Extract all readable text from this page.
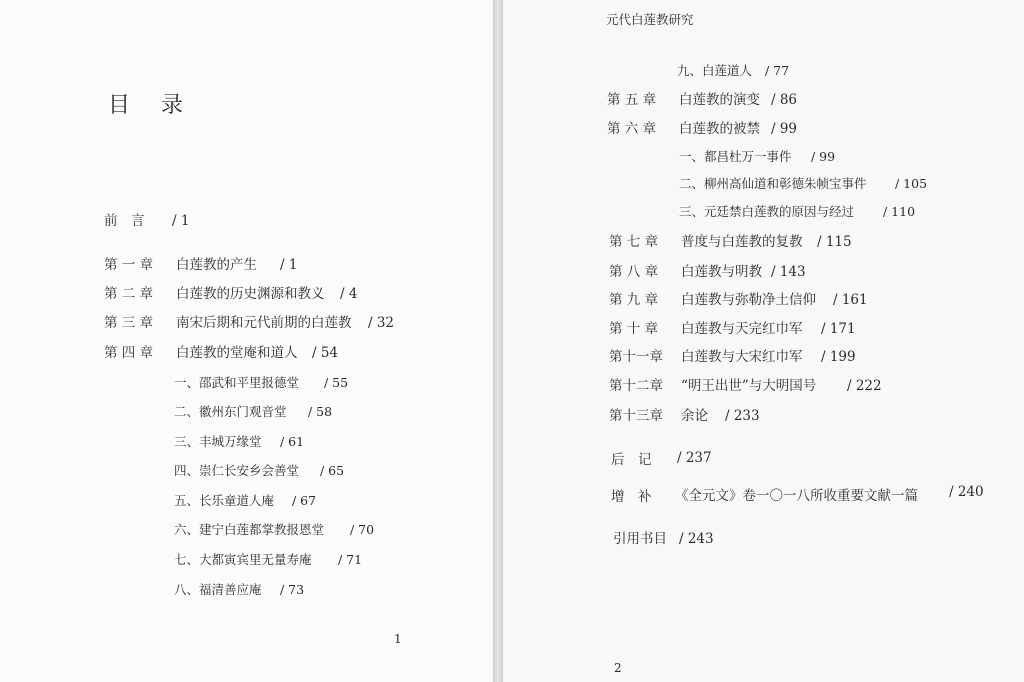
目 录
前　言 / 1
第 一 章 白莲教的产生 / 1
第 二 章 白莲教的历史渊源和教义 / 4
第 三 章 南宋后期和元代前期的白莲教 / 32
第 四 章 白莲教的堂庵和道人 / 54
一、邵武和平里报德堂 / 55
二、徽州东门观音堂 / 58
三、丰城万缘堂 / 61
四、崇仁长安乡会善堂 / 65
五、长乐童道人庵 / 67
六、建宁白莲都掌教报恩堂 / 70
七、大都寅宾里无量寿庵 / 71
八、福清善应庵 / 73
1
元代白莲教研究
九、白莲道人 / 77
第 五 章 白莲教的演变 / 86
第 六 章 白莲教的被禁 / 99
一、都昌杜万一事件 / 99
二、柳州高仙道和彰德朱帧宝事件 / 105
三、元廷禁白莲教的原因与经过 / 110
第 七 章 普度与白莲教的复教 / 115
第 八 章 白莲教与明教 / 143
第 九 章 白莲教与弥勒净土信仰 / 161
第 十 章 白莲教与天完红巾军 / 171
第十一章 白莲教与大宋红巾军 / 199
第十二章 “明王出世”与大明国号 / 222
第十三章 余论 / 233
后　记 / 237
增　补 《全元文》卷一〇一八所收重要文献一篇 / 240
引用书目 / 243
2
